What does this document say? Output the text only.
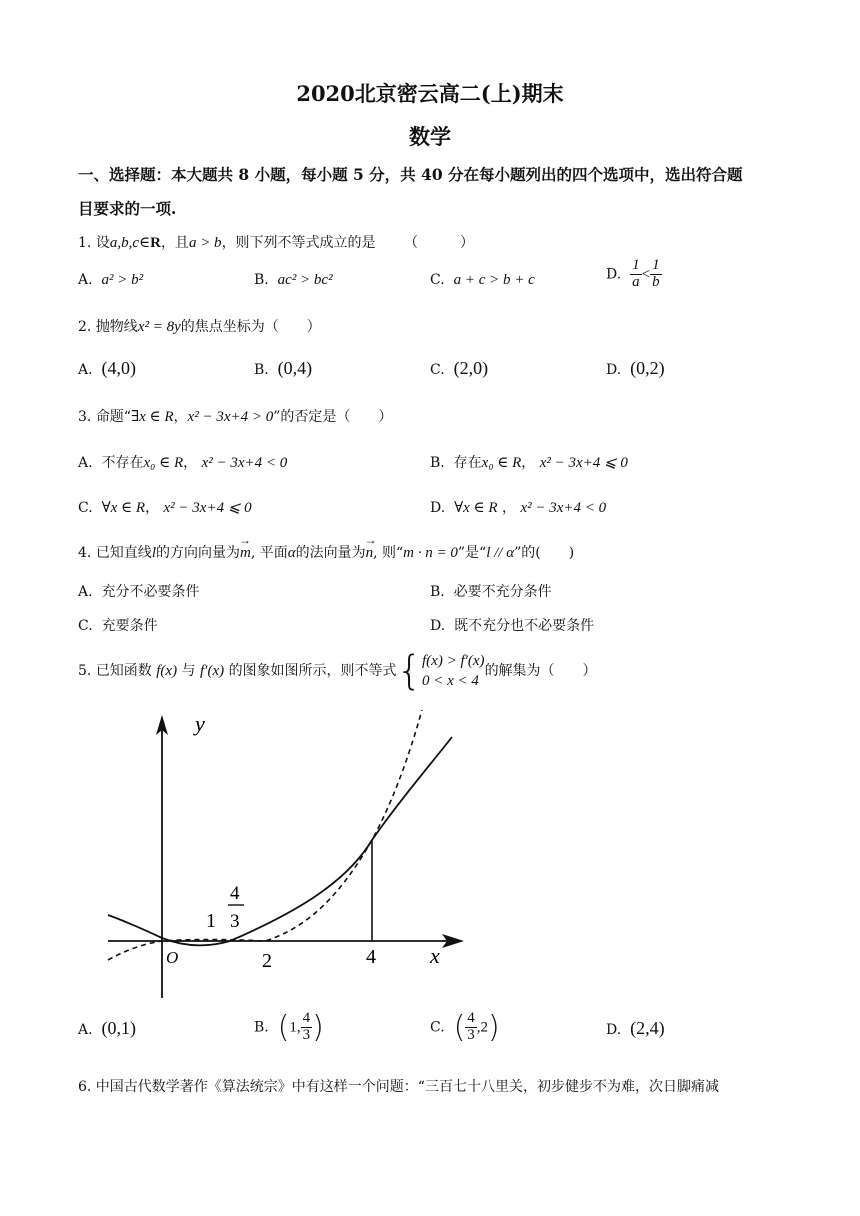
2020北京密云高二(上)期末
数学
一、选择题：本大题共 8 小题，每小题 5 分，共 40 分在每小题列出的四个选项中，选出符合题
目要求的一项.
1. 设a,b,c∈R，且a > b，则下列不等式成立的是 （　　　）
A. a² > b²	B. ac² > bc²	C. a + c > b + c	D. $\frac{1}{a} < \frac{1}{b}$
2. 抛物线x² = 8y的焦点坐标为（　　）
A. (4,0)	B. (0,4)	C. (2,0)	D. (0,2)
3. 命题“∃x ∈ R，x² − 3x+4 > 0”的否定是（　　）
A. 不存在x₀ ∈ R， x² − 3x+4 < 0	B. 存在x₀ ∈ R， x² − 3x+4 ⩽ 0
C. ∀x ∈ R， x² − 3x+4 ⩽ 0	D. ∀x ∈ R ， x² − 3x+4 < 0
4. 已知直线l的方向向量为→ m, 平面α的法向量为→ n, 则“m · n = 0”是“l // α”的(　　)
A. 充分不必要条件	B. 必要不充分条件
C. 充要条件	D. 既不充分也不必要条件
5. 已知函数 f(x) 与 f′(x) 的图象如图所示，则不等式{ f(x) > f′(x)
0 < x < 4
的解集为（　　）
y
x
O
1
4
3
2	4
A. (0,1)	B. (1, $\frac{4}{3}$ )	C. ( $\frac{4}{3} ,2$)	D. (2,4)
6. 中国古代数学著作《算法统宗》中有这样一个问题：“三百七十八里关，初步健步不为难，次日脚痛减
